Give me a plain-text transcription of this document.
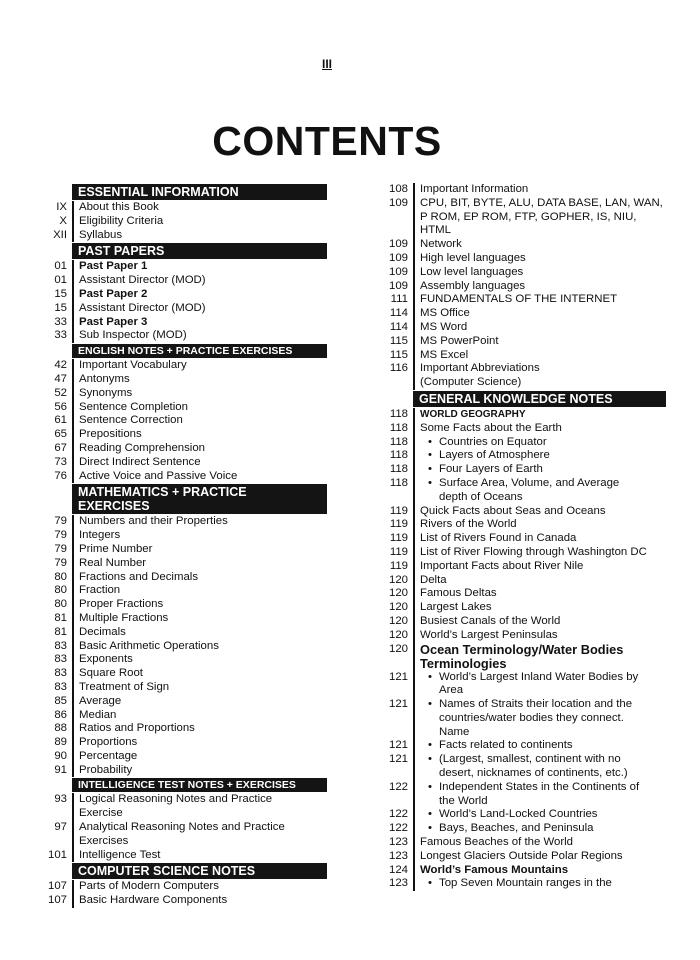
III
CONTENTS
ESSENTIAL INFORMATION
IX	About this Book
X	Eligibility Criteria
XII	Syllabus
PAST PAPERS
01	Past Paper 1
01	Assistant Director (MOD)
15	Past Paper 2
15	Assistant Director (MOD)
33	Past Paper 3
33	Sub Inspector (MOD)
ENGLISH NOTES + PRACTICE EXERCISES
42	Important Vocabulary
47	Antonyms
52	Synonyms
56	Sentence Completion
61	Sentence Correction
65	Prepositions
67	Reading Comprehension
73	Direct Indirect Sentence
76	Active Voice and Passive Voice
MATHEMATICS + PRACTICE EXERCISES
79	Numbers and their Properties
79	Integers
79	Prime Number
79	Real Number
80	Fractions and Decimals
80	Fraction
80	Proper Fractions
81	Multiple Fractions
81	Decimals
83	Basic Arithmetic Operations
83	Exponents
83	Square Root
83	Treatment of Sign
85	Average
86	Median
88	Ratios and Proportions
89	Proportions
90	Percentage
91	Probability
INTELLIGENCE TEST NOTES + EXERCISES
93	Logical Reasoning Notes and Practice
Exercise
97	Analytical Reasoning Notes and Practice
Exercises
101	Intelligence Test
COMPUTER SCIENCE NOTES
107	Parts of Modern Computers
107	Basic Hardware Components
108	Important Information
109	CPU, BIT, BYTE, ALU, DATA BASE, LAN, WAN,
P ROM, EP ROM, FTP, GOPHER, IS, NIU,
HTML
109	Network
109	High level languages
109	Low level languages
109	Assembly languages
111	FUNDAMENTALS OF THE INTERNET
114	MS Office
114	MS Word
115	MS PowerPoint
115	MS Excel
116	Important Abbreviations
(Computer Science)
GENERAL KNOWLEDGE NOTES
118	WORLD GEOGRAPHY
118	Some Facts about the Earth
118	• Countries on Equator
118	• Layers of Atmosphere
118	• Four Layers of Earth
118	• Surface Area, Volume, and Average
depth of Oceans
119	Quick Facts about Seas and Oceans
119	Rivers of the World
119	List of Rivers Found in Canada
119	List of River Flowing through Washington DC
119	Important Facts about River Nile
120	Delta
120	Famous Deltas
120	Largest Lakes
120	Busiest Canals of the World
120	World’s Largest Peninsulas
120 Ocean Terminology/Water Bodies
Terminologies
121	• World’s Largest Inland Water Bodies by
Area
121	• Names of Straits their location and the
countries/water bodies they connect.
Name
121	• Facts related to continents
121	• (Largest, smallest, continent with no
desert, nicknames of continents, etc.)
122	• Independent States in the Continents of
the World
122	• World’s Land-Locked Countries
122	• Bays, Beaches, and Peninsula
123	Famous Beaches of the World
123	Longest Glaciers Outside Polar Regions
124	World’s Famous Mountains
123	• Top Seven Mountain ranges in the
